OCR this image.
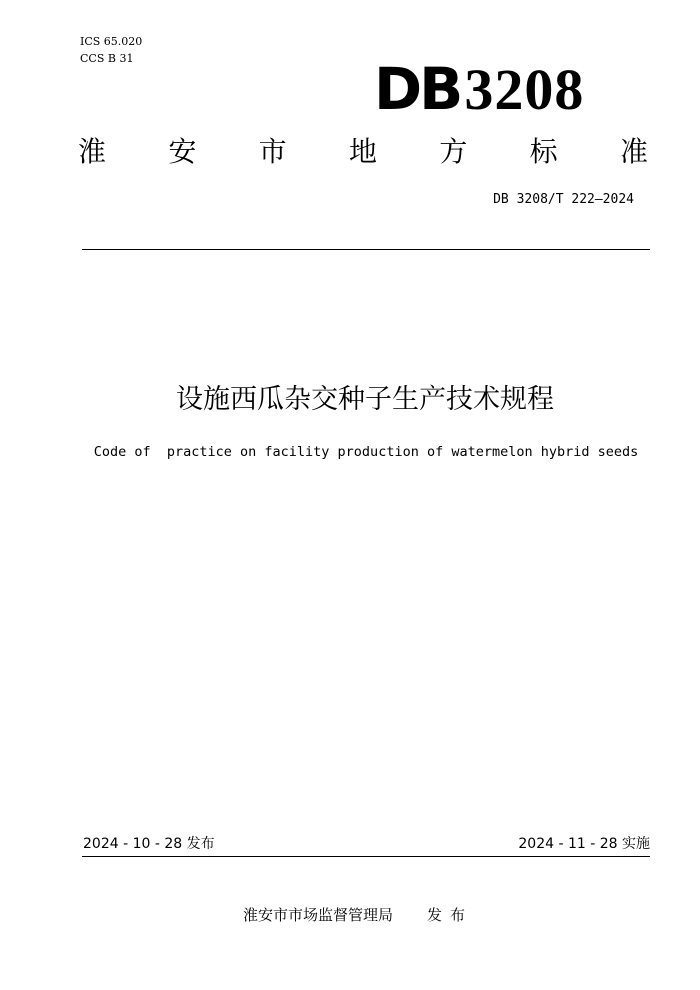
ICS 65.020
CCS B 31	DB3208
淮 安 市 地 方 标 准
DB 3208/T 222—2024
设施西瓜杂交种子生产技术规程
Code of  practice on facility production of watermelon hybrid seeds
2024 - 10 - 28 发布	2024 - 11 - 28 实施
淮安市市场监督管理局 发布
